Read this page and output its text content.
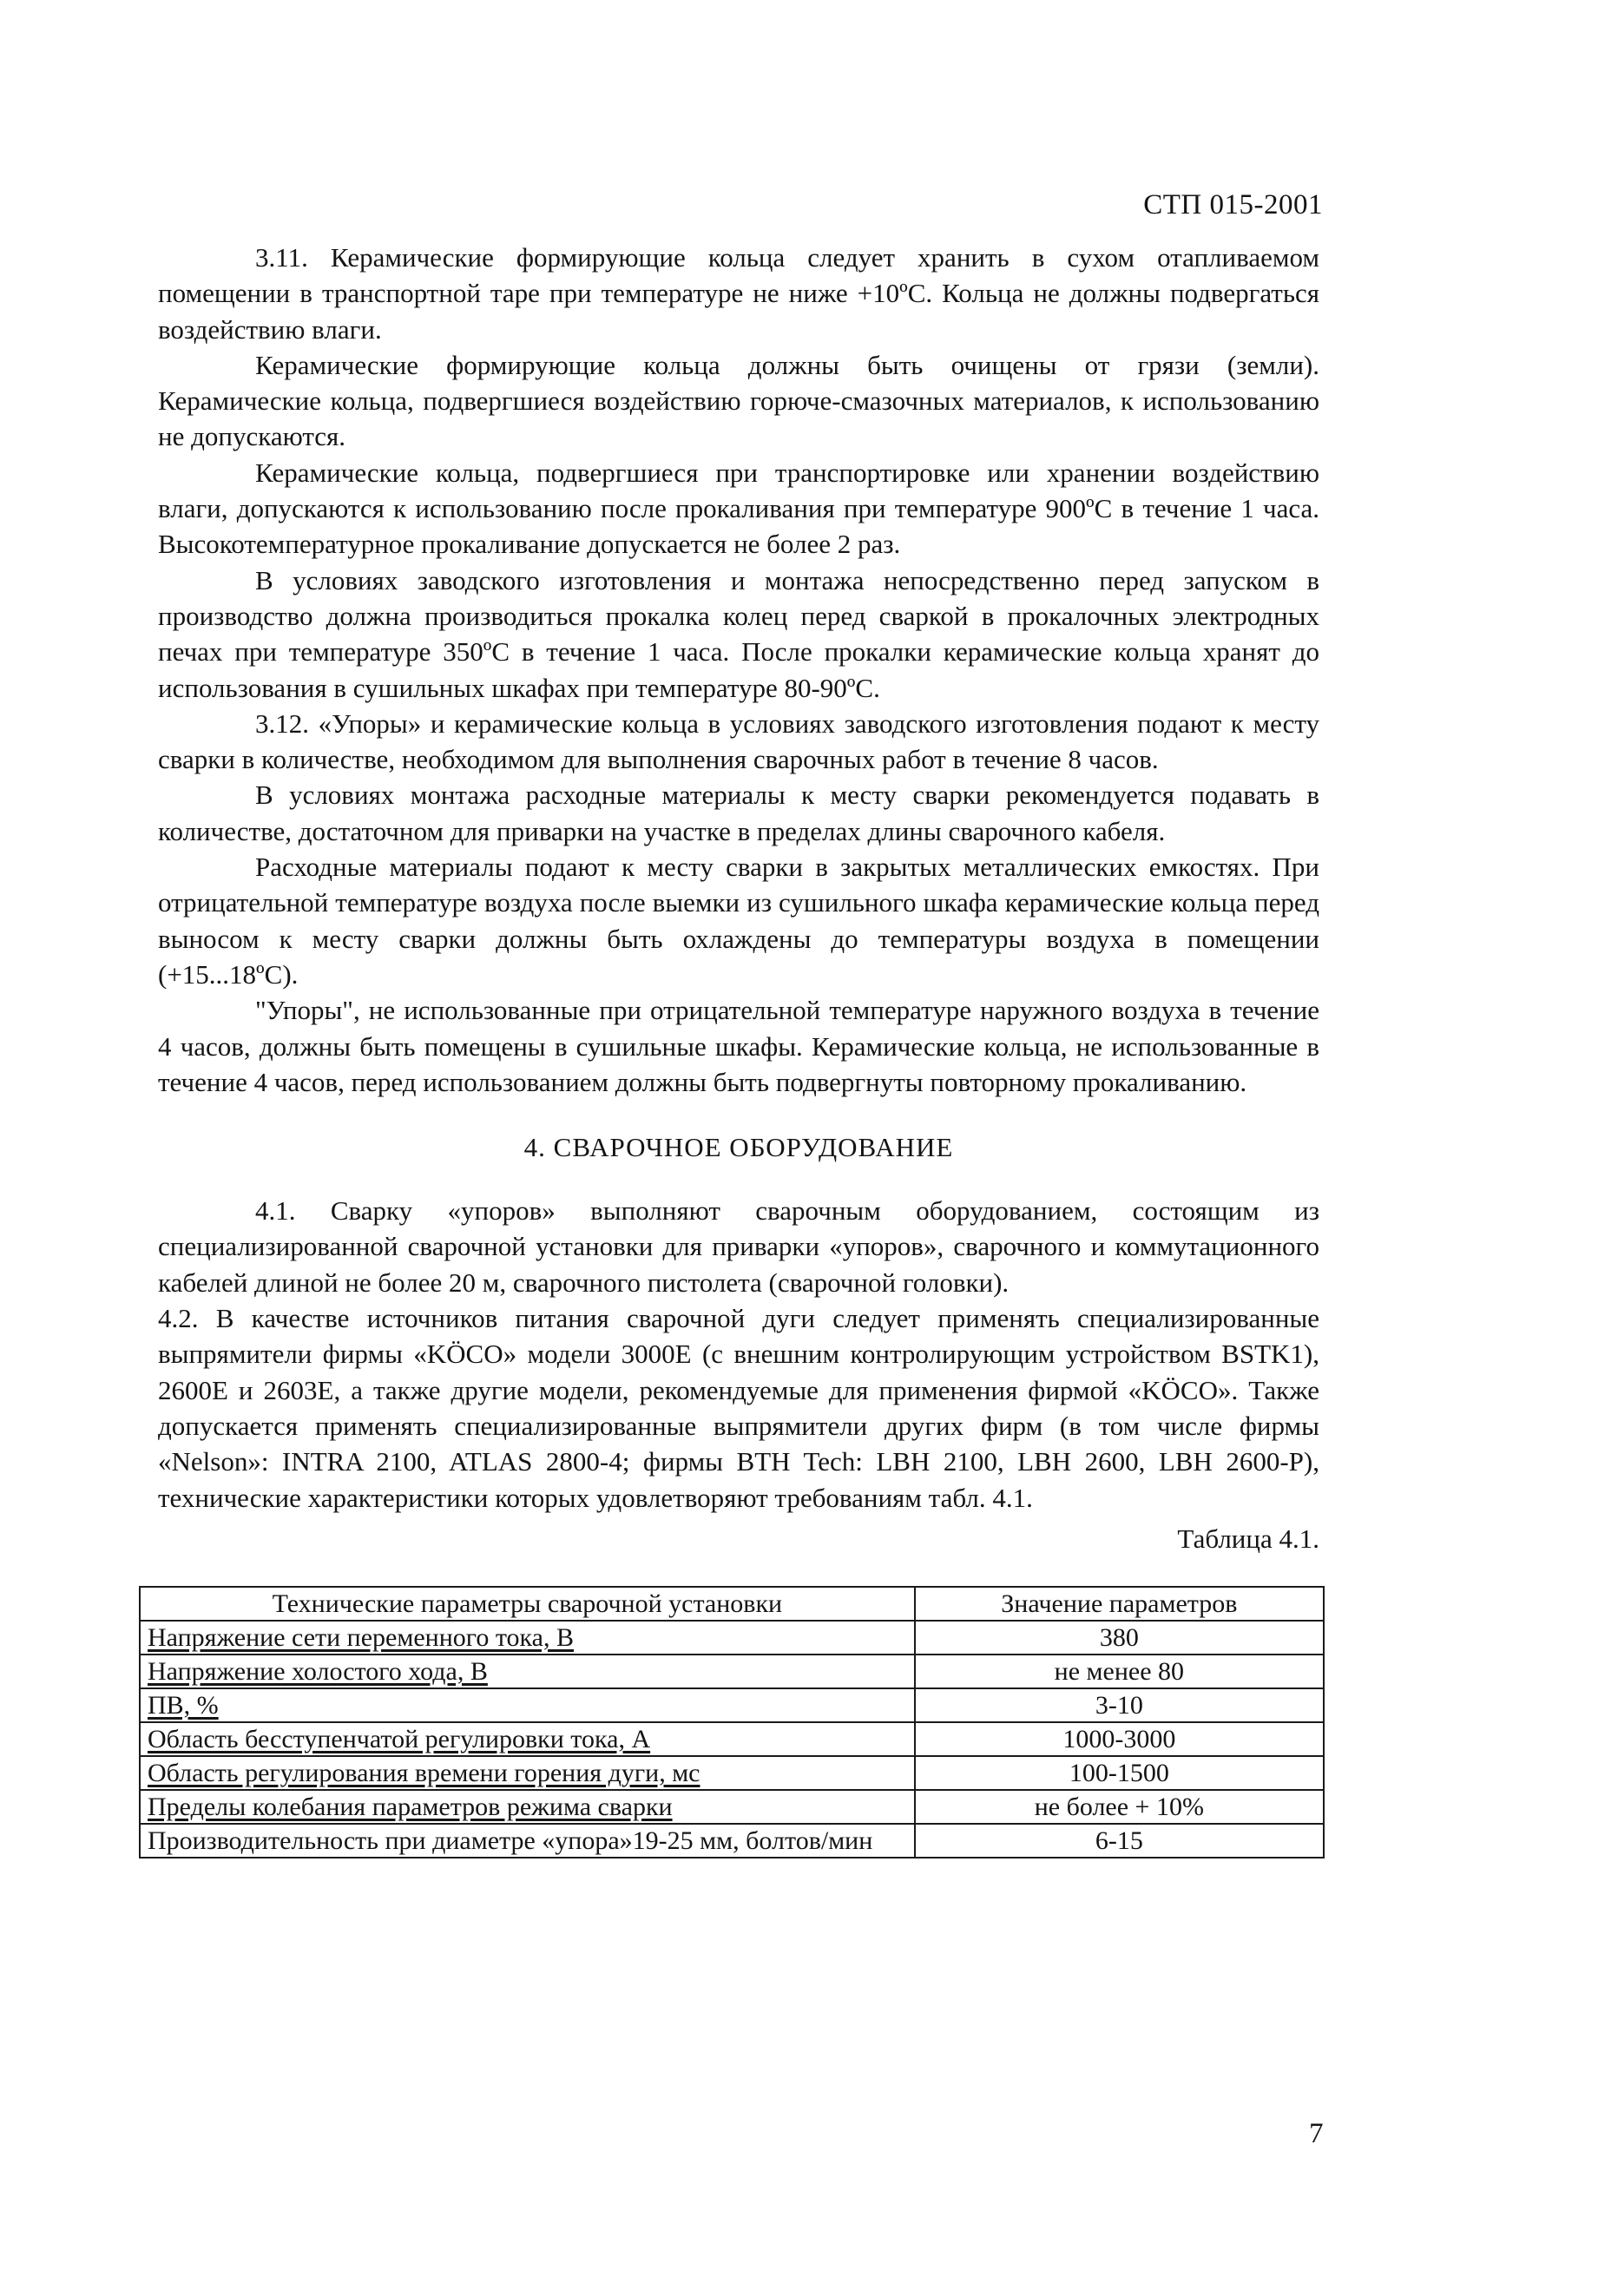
СТП 015-2001

3.11. Керамические формирующие кольца следует хранить в сухом отапливаемом помещении в транспортной таре при температуре не ниже +10ºС. Кольца не должны подвергаться воздействию влаги.

Керамические формирующие кольца должны быть очищены от грязи (земли). Керамические кольца, подвергшиеся воздействию горюче-смазочных материалов, к использованию не допускаются.

Керамические кольца, подвергшиеся при транспортировке или хранении воздействию влаги, допускаются к использованию после прокаливания при температуре 900ºС в течение 1 часа. Высокотемпературное прокаливание допускается не более 2 раз.

В условиях заводского изготовления и монтажа непосредственно перед запуском в производство должна производиться прокалка колец перед сваркой в прокалочных электродных печах при температуре 350ºС в течение 1 часа. После прокалки керамические кольца хранят до использования в сушильных шкафах при температуре 80-90ºС.

3.12. «Упоры» и керамические кольца в условиях заводского изготовления подают к месту сварки в количестве, необходимом для выполнения сварочных работ в течение 8 часов.

В условиях монтажа расходные материалы к месту сварки рекомендуется подавать в количестве, достаточном для приварки на участке в пределах длины сварочного кабеля.

Расходные материалы подают к месту сварки в закрытых металлических емкостях. При отрицательной температуре воздуха после выемки из сушильного шкафа керамические кольца перед выносом к месту сварки должны быть охлаждены до температуры воздуха в помещении (+15...18ºС).

"Упоры", не использованные при отрицательной температуре наружного воздуха в течение 4 часов, должны быть помещены в сушильные шкафы. Керамические кольца, не использованные в течение 4 часов, перед использованием должны быть подвергнуты повторному прокаливанию.

4. СВАРОЧНОЕ ОБОРУДОВАНИЕ

4.1. Сварку «упоров» выполняют сварочным оборудованием, состоящим из специализированной сварочной установки для приварки «упоров», сварочного и коммутационного кабелей длиной не более 20 м, сварочного пистолета (сварочной головки).

4.2. В качестве источников питания сварочной дуги следует применять специализированные выпрямители фирмы «KÖCO» модели 3000Е (с внешним контролирующим устройством BSTK1), 2600Е и 2603Е, а также другие модели, рекомендуемые для применения фирмой «KÖCO». Также допускается применять специализированные выпрямители других фирм (в том числе фирмы «Nelson»: INTRA 2100, ATLAS 2800-4; фирмы BTH Tech: LBH 2100, LBH 2600, LBH 2600-P), технические характеристики которых удовлетворяют требованиям табл. 4.1.

Таблица 4.1.
Технические параметры сварочной установки	Значение параметров
Напряжение сети переменного тока, В	380
Напряжение холостого хода, В	не менее 80
ПВ, %	3-10
Область бесступенчатой регулировки тока, А	1000-3000
Область регулирования времени горения дуги, мс	100-1500
Пределы колебания параметров режима сварки	не более + 10%
Производительность при диаметре «упора»19-25 мм, болтов/мин	6-15
7
